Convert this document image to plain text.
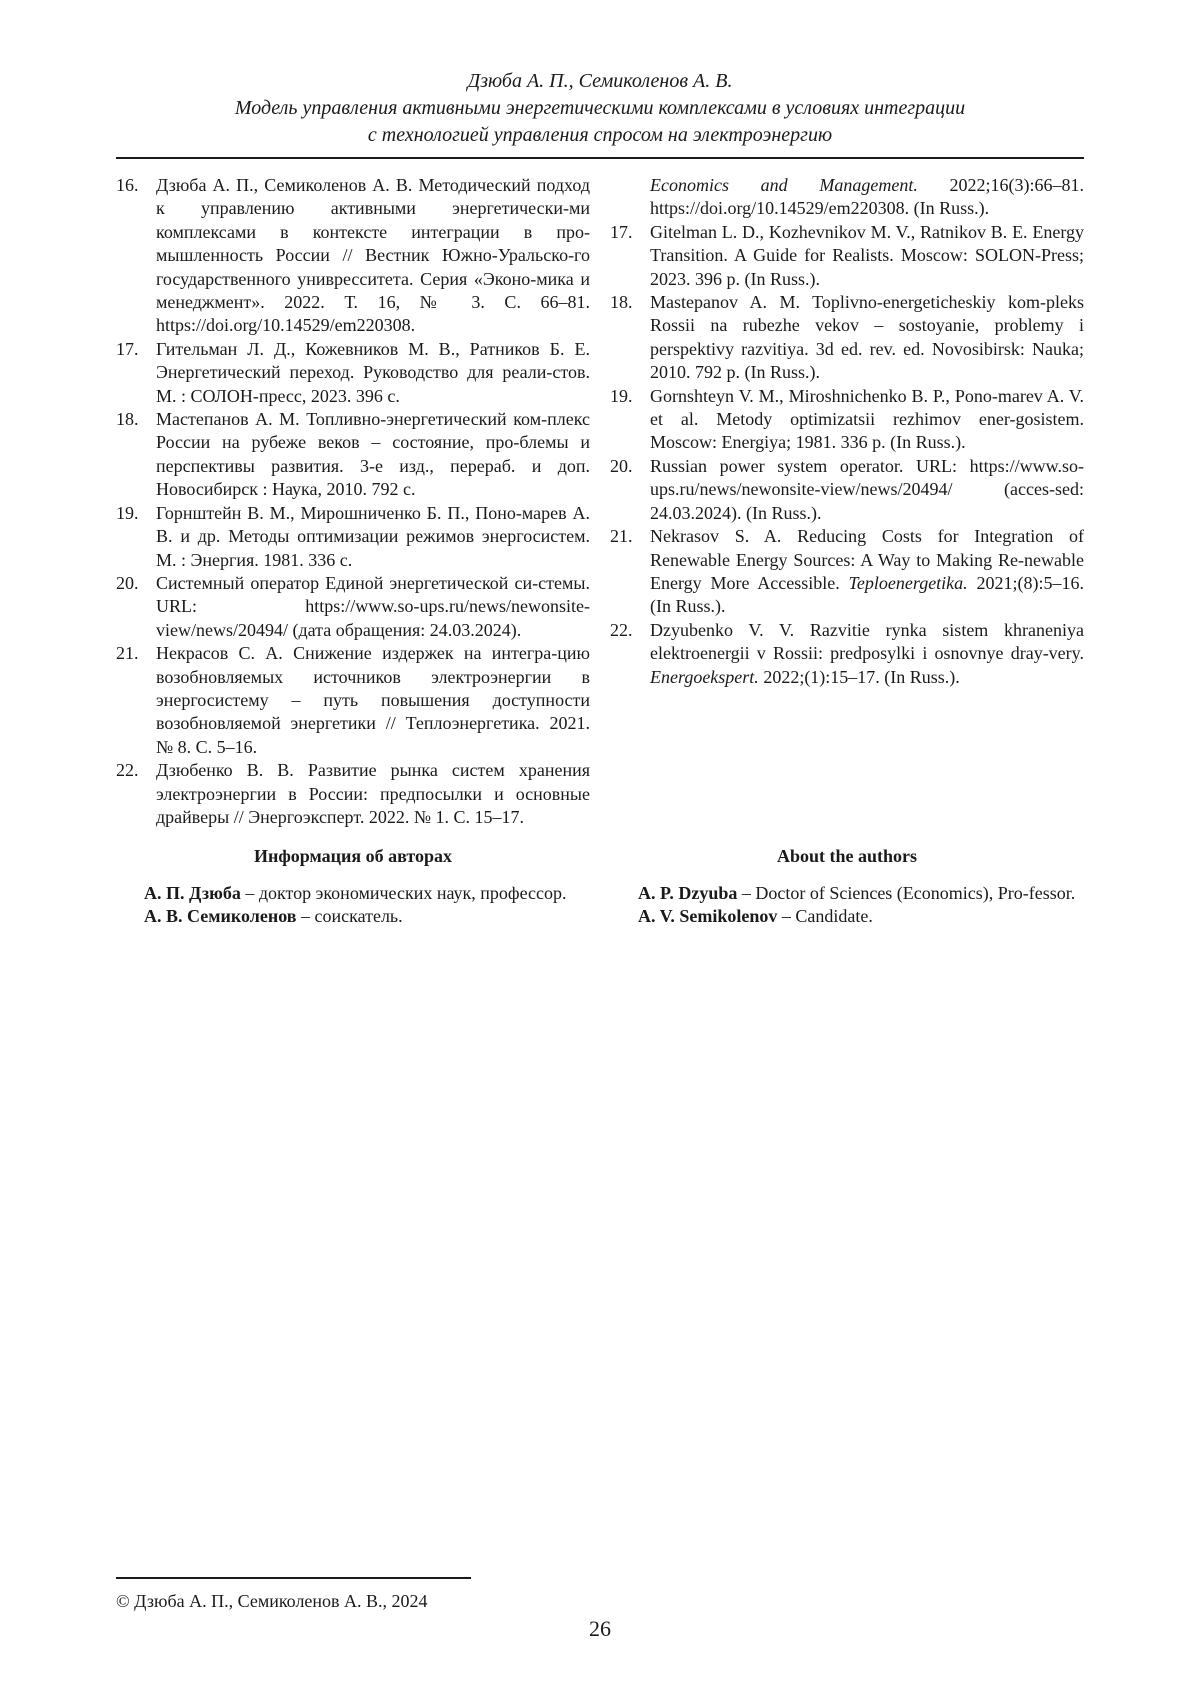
Дзюба А. П., Семиколенов А. В.
Модель управления активными энергетическими комплексами в условиях интеграции
с технологией управления спросом на электроэнергию
16. Дзюба А. П., Семиколенов А. В. Методический подход к управлению активными энергетически-ми комплексами в контексте интеграции в про-мышленность России // Вестник Южно-Уральско-го государственного унивресситета. Серия «Эконо-мика и менеджмент». 2022. Т. 16, № 3. С. 66–81. https://doi.org/10.14529/em220308.
17. Гительман Л. Д., Кожевников М. В., Ратников Б. Е. Энергетический переход. Руководство для реали-стов. М. : СОЛОН-пресс, 2023. 396 с.
18. Мастепанов А. М. Топливно-энергетический ком-плекс России на рубеже веков – состояние, про-блемы и перспективы развития. 3-е изд., перераб. и доп. Новосибирск : Наука, 2010. 792 с.
19. Горнштейн В. М., Мирошниченко Б. П., Поно-марев А. В. и др. Методы оптимизации режимов энергосистем. М. : Энергия. 1981. 336 с.
20. Системный оператор Единой энергетической си-стемы. URL: https://www.so-ups.ru/news/newonsite-view/news/20494/ (дата обращения: 24.03.2024).
21. Некрасов С. А. Снижение издержек на интегра-цию возобновляемых источников электроэнергии в энергосистему – путь повышения доступности возобновляемой энергетики // Теплоэнергетика. 2021. № 8. С. 5–16.
22. Дзюбенко В. В. Развитие рынка систем хранения электроэнергии в России: предпосылки и основные драйверы // Энергоэксперт. 2022. № 1. С. 15–17.
Economics and Management. 2022;16(3):66–81. https://doi.org/10.14529/em220308. (In Russ.).
17. Gitelman L. D., Kozhevnikov M. V., Ratnikov B. E. Energy Transition. A Guide for Realists. Moscow: SOLON-Press; 2023. 396 p. (In Russ.).
18. Mastepanov A. M. Toplivno-energeticheskiy kom-pleks Rossii na rubezhe vekov – sostoyanie, problemy i perspektivy razvitiya. 3d ed. rev. ed. Novosibirsk: Nauka; 2010. 792 p. (In Russ.).
19. Gornshteyn V. M., Miroshnichenko B. P., Pono-marev A. V. et al. Metody optimizatsii rezhimov ener-gosistem. Moscow: Energiya; 1981. 336 p. (In Russ.).
20. Russian power system operator. URL: https://www.so-ups.ru/news/newonsite-view/news/20494/ (acces-sed: 24.03.2024). (In Russ.).
21. Nekrasov S. A. Reducing Costs for Integration of Renewable Energy Sources: A Way to Making Re-newable Energy More Accessible. Teploenergetika. 2021;(8):5–16. (In Russ.).
22. Dzyubenko V. V. Razvitie rynka sistem khraneniya elektroenergii v Rossii: predposylki i osnovnye dray-very. Energoekspert. 2022;(1):15–17. (In Russ.).
Информация об авторах	About the authors

А. П. Дзюба – доктор экономических наук, профессор.

А. В. Семиколенов – соискатель.

A. P. Dzyuba – Doctor of Sciences (Economics), Pro-fessor.

A. V. Semikolenov – Candidate.

© Дзюба А. П., Семиколенов А. В., 2024
26
